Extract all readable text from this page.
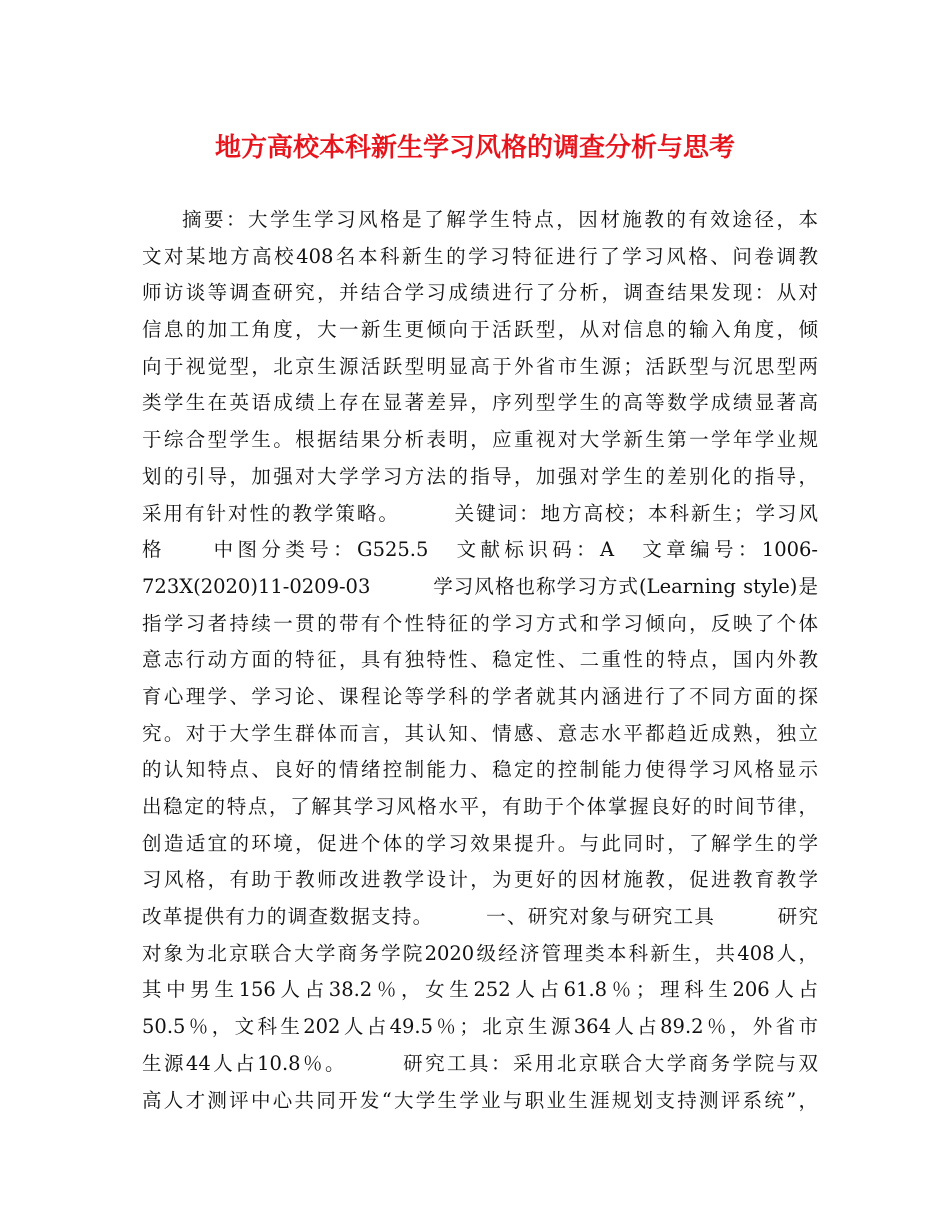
地方高校本科新生学习风格的调查分析与思考
摘要：大学生学习风格是了解学生特点，因材施教的有效途径，本
文对某地方高校408名本科新生的学习特征进行了学习风格、问卷调教
师访谈等调查研究，并结合学习成绩进行了分析，调查结果发现：从对
信息的加工角度，大一新生更倾向于活跃型，从对信息的输入角度，倾
向于视觉型，北京生源活跃型明显高于外省市生源；活跃型与沉思型两
类学生在英语成绩上存在显著差异，序列型学生的高等数学成绩显著高
于综合型学生。根据结果分析表明，应重视对大学新生第一学年学业规
划的引导，加强对大学学习方法的指导，加强对学生的差别化的指导，
采用有针对性的教学策略。　　　关键词：地方高校；本科新生；学习风
格　　中图分类号：G525.5　文献标识码：A　文章编号：1006-
723X(2020)11-0209-03　　　学习风格也称学习方式(Learning style)是
指学习者持续一贯的带有个性特征的学习方式和学习倾向，反映了个体
意志行动方面的特征，具有独特性、稳定性、二重性的特点，国内外教
育心理学、学习论、课程论等学科的学者就其内涵进行了不同方面的探
究。对于大学生群体而言，其认知、情感、意志水平都趋近成熟，独立
的认知特点、良好的情绪控制能力、稳定的控制能力使得学习风格显示
出稳定的特点，了解其学习风格水平，有助于个体掌握良好的时间节律，
创造适宜的环境，促进个体的学习效果提升。与此同时，了解学生的学
习风格，有助于教师改进教学设计，为更好的因材施教，促进教育教学
改革提供有力的调查数据支持。　　　一、研究对象与研究工具　　　研究
对象为北京联合大学商务学院2020级经济管理类本科新生，共408人，
其中男生156人占38.2％，女生252人占61.8％；理科生206人占
50.5％，文科生202人占49.5％；北京生源364人占89.2％，外省市
生源44人占10.8％。　　　研究工具：采用北京联合大学商务学院与双
高人才测评中心共同开发“大学生学业与职业生涯规划支持测评系统”，
